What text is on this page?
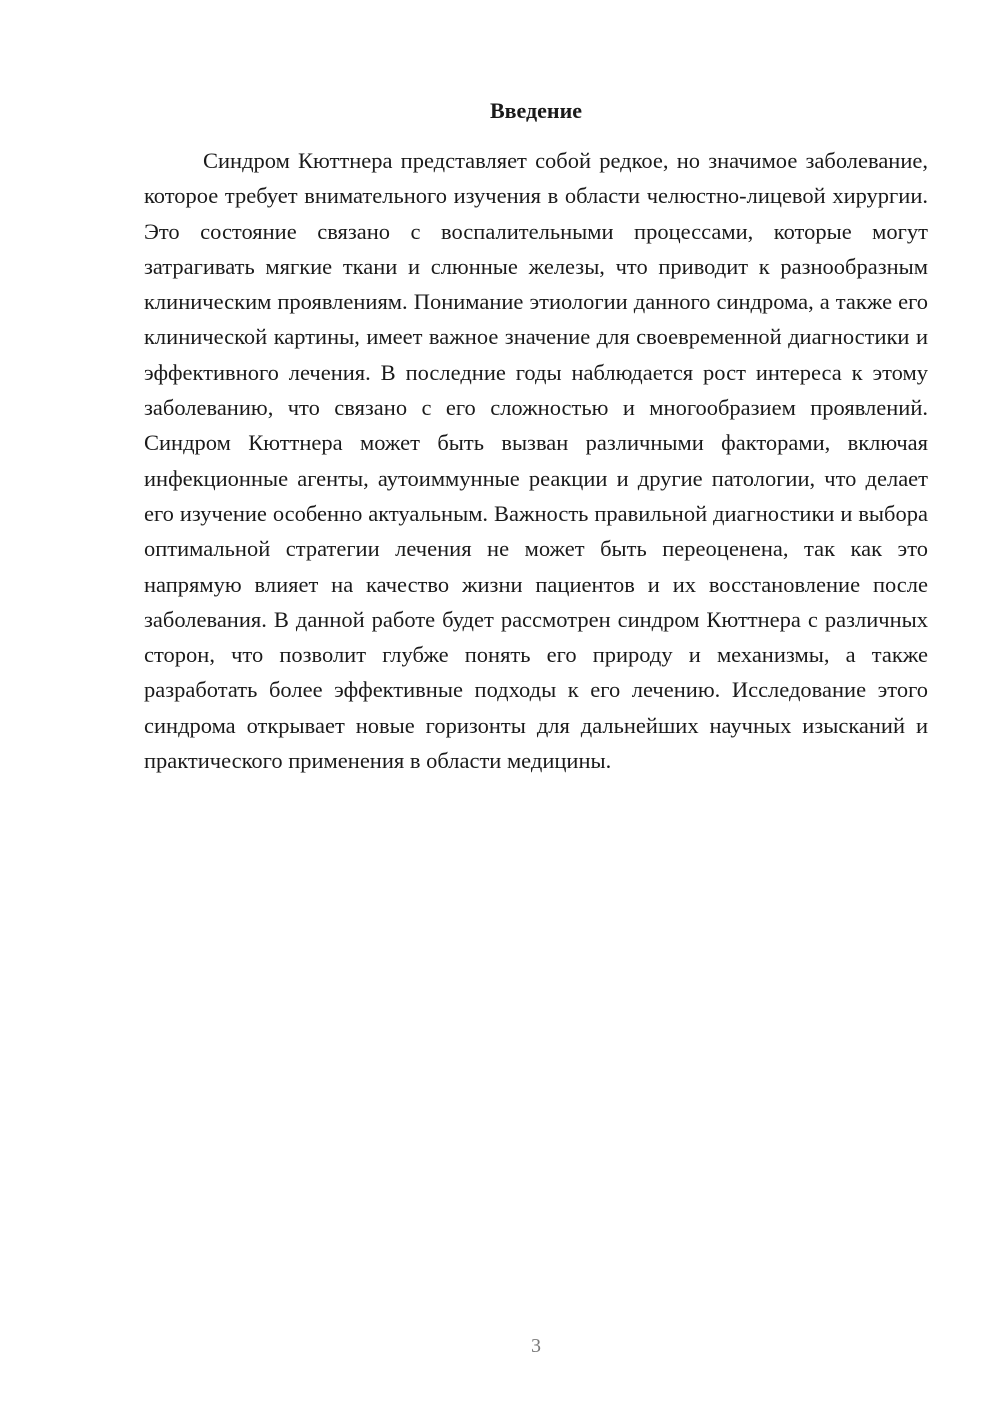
Введение

Синдром Кюттнера представляет собой редкое, но значимое заболевание, которое требует внимательного изучения в области челюстно-лицевой хирургии. Это состояние связано с воспалительными процессами, которые могут затрагивать мягкие ткани и слюнные железы, что приводит к разнообразным клиническим проявлениям. Понимание этиологии данного синдрома, а также его клинической картины, имеет важное значение для своевременной диагностики и эффективного лечения. В последние годы наблюдается рост интереса к этому заболеванию, что связано с его сложностью и многообразием проявлений. Синдром Кюттнера может быть вызван различными факторами, включая инфекционные агенты, аутоиммунные реакции и другие патологии, что делает его изучение особенно актуальным. Важность правильной диагностики и выбора оптимальной стратегии лечения не может быть переоценена, так как это напрямую влияет на качество жизни пациентов и их восстановление после заболевания. В данной работе будет рассмотрен синдром Кюттнера с различных сторон, что позволит глубже понять его природу и механизмы, а также разработать более эффективные подходы к его лечению. Исследование этого синдрома открывает новые горизонты для дальнейших научных изысканий и практического применения в области медицины.

3
